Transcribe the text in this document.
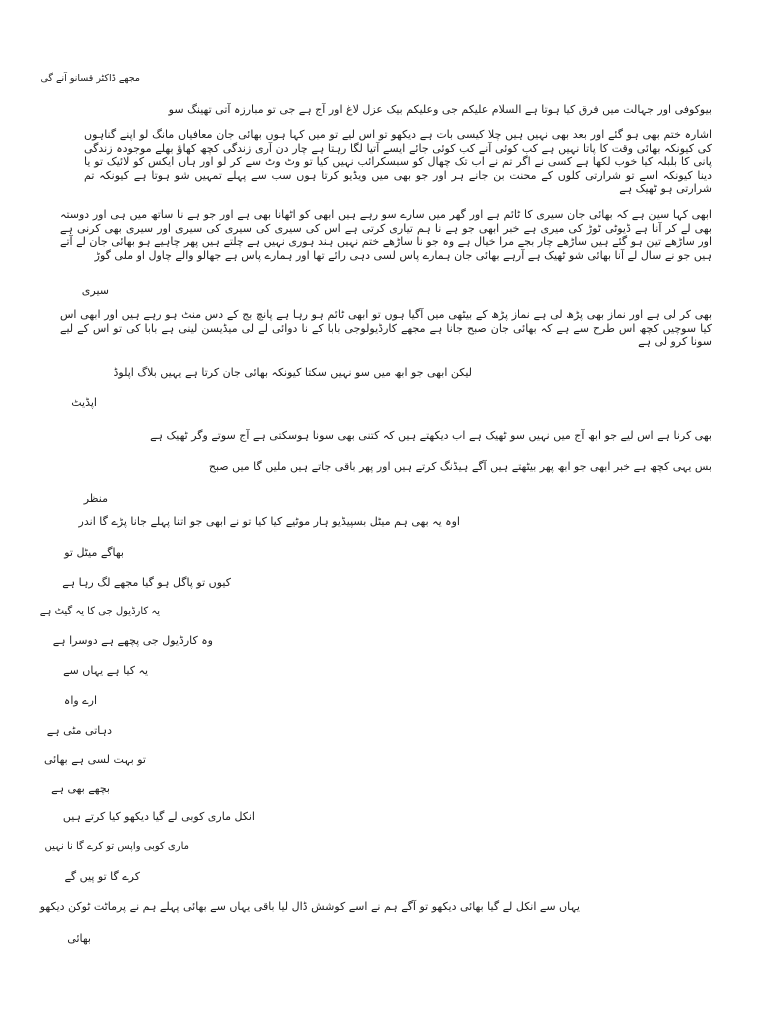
مجھے ڈاکٹر قسانو آنے گی
بیوکوفی اور جہالت میں فرق کیا ہوتا ہے السلام علیکم جی وعلیکم بیک عزل لاغ اور آج ہے جی تو مبارزہ آتی تھینگ سو
اشارہ ختم بھی ہو گئے اور بعد بھی نہیں ہیں چلا کیسی بات ہے دیکھو تو اس لیے تو میں کہا ہوں بھائی جان معافیاں مانگ لو اپنے گناہوں کی کیونکہ بھائی وقت کا پاتا نہیں ہے کب کوئی آنے کب کوئی جائے ایسے آتیا لگا رہتا ہے چار دن آری زندگی کچھ کھاؤ بھلے موجودہ زندگی پانی کا بلبلہ کیا خوب لکھا ہے کسی نے اگر تم نے اب تک چھال کو سبسکرائب نہیں کیا تو وٹ وٹ سے کر لو اور ہاں ایکس کو لائیک تو یا دینا کیونکہ اسے تو شرارتی کلوں کے محنت بن جانے ہر اور جو بھی میں ویڈیو کرتا ہوں سب سے پہلے تمہیں شو ہوتا ہے کیونکہ تم شرارتی ہو ٹھیک ہے
ابھی کہا سین ہے کہ بھائی جان سیری کا ٹائم ہے اور گھر میں سارے سو رہے ہیں ابھی کو اٹھانا بھی ہے اور جو ہے نا ساتھ میں ہی اور دوستہ بھی لے کر آنا ہے ڈیوٹی ٹوڑ کی میری ہے خبر ابھی جو ہے نا ہم تیاری کرتی ہے اس کی سیری کی سیری کی سیری اور سیری بھی کرنی ہے اور ساڑھے تین ہو گئے ہیں ساڑھے چار بجے مرا خیال ہے وہ جو نا ساڑھے ختم نہیں ہند ہوری نہیں ہے چلتے ہیں پھر چاہیے ہو بھائی جان لے آتے ہیں جو نے سال لے آنا بھائی شو ٹھیک ہے آرہے بھائی جان ہمارے پاس لسی دہی رائے تھا اور ہمارے پاس ہے جھالو والے چاول او ملی گوڑ
سیری
بھی کر لی ہے اور نماز بھی پڑھ لی ہے نماز پڑھ کے بیٹھی میں آگیا ہوں تو ابھی ٹائم ہو رہا ہے پانچ بج کے دس منٹ ہو رہے ہیں اور ابھی اس کیا سوچیں کچھ اس طرح سے ہے کہ بھائی جان صبح جانا ہے مجھے کارڈیولوجی بابا کے نا دوائی لے لی میڈیسن لینی ہے بابا کی تو اس کے لیے سونا کرو لی ہے
لیکن ابھی جو ابھ میں سو نہیں سکتا کیونکہ بھائی جان کرتا ہے یہیں بلاگ اپلوڈ
اپڈیٹ
بھی کرنا ہے اس لیے جو ابھ آج میں نہیں سو ٹھیک ہے اب دیکھتے ہیں کہ کتنی بھی سونا ہوسکتی ہے آج سوتے وگر ٹھیک ہے
بس یہی کچھ ہے خبر ابھی جو ابھ پھر بیٹھتے ہیں آگے ہیڈنگ کرتے ہیں اور پھر باقی جاتے ہیں ملیں گا میں صبح
منظر
اوہ یہ بھی ہم میٹل بسپیڈیو ہار موٹیے کیا کیا تو نے ابھی جو اتنا پہلے جانا پڑے گا اندر
بھاگے میٹل تو
کیوں تو پاگل ہو گیا مجھے لگ رہا ہے
یہ کارڈیول جی کا یہ گیٹ ہے
وہ کارڈیول جی پچھے ہے دوسرا ہے
یہ کیا ہے یہاں سے
ارے واہ
دہاتی مٹی ہے
تو بہت لسی ہے بھائی
بچھے بھی ہے
انکل ماری کوبی لے گیا دیکھو کیا کرتے ہیں
ماری کوبی واپس تو کرے گا نا نہیں
کرے گا تو پیں گے
یہاں سے انکل لے گیا بھائی دیکھو تو آگے ہم نے اسے کوشش ڈال لیا باقی یہاں سے بھائی پہلے ہم نے پرماٹت ٹوکن دیکھو
بھائی
